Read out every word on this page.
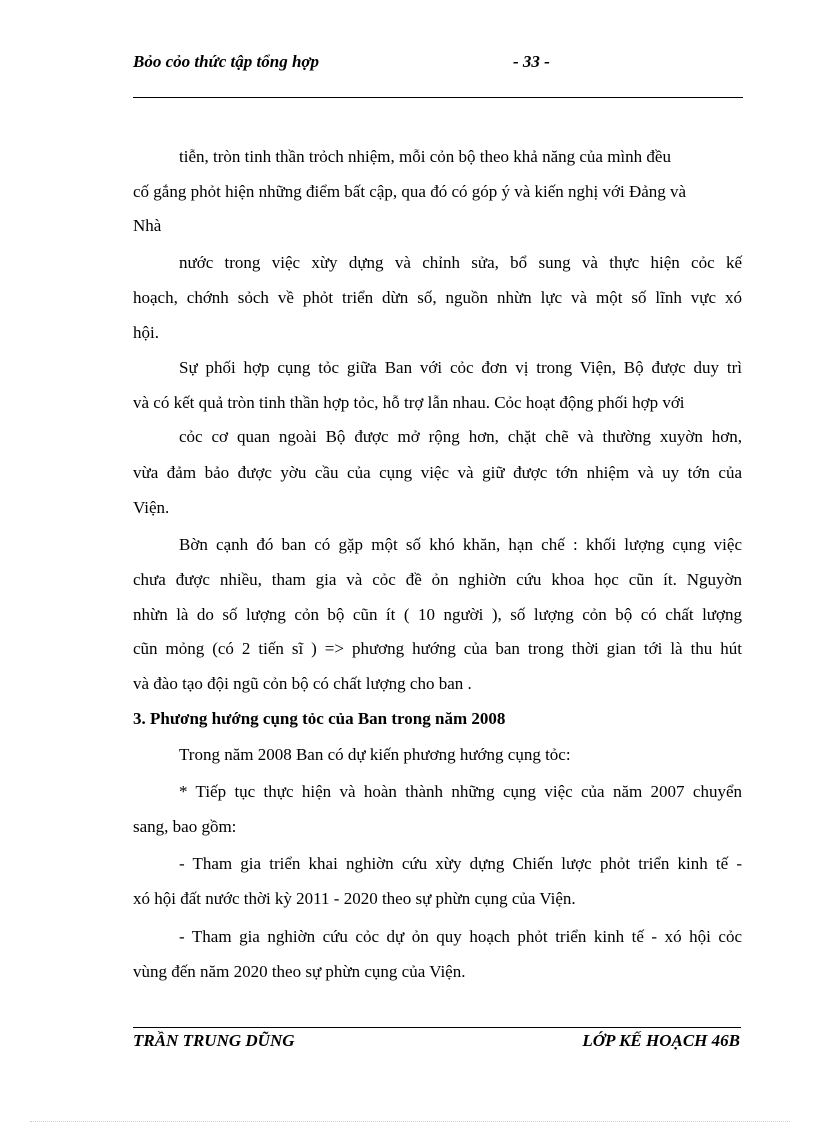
Bỏo cỏo thức tập tổng hợp	- 33 -
tiễn, tròn tinh thần trỏch nhiệm, mỗi cỏn bộ theo khả năng của mình đều
cố gắng phỏt hiện những điểm bất cập, qua đó có góp ý và kiến nghị với Đảng và
Nhà
nước trong việc xừy dựng và chỉnh sửa, bổ sung và thực hiện cỏc kế
hoạch, chớnh sỏch về phỏt triển dừn số, nguồn nhừn lực và một số lĩnh vực xó
hội.
Sự phối hợp cụng tỏc giữa Ban với cỏc đơn vị trong Viện, Bộ được duy trì
và có kết quả tròn tinh thần hợp tỏc, hỗ trợ lẫn nhau. Cỏc hoạt động phối hợp với
cỏc cơ quan ngoài Bộ được mở rộng hơn, chặt chẽ và thường xuyờn hơn,
vừa đảm bảo được yờu cầu của cụng việc và giữ được tớn nhiệm và uy tớn của
Viện.
Bờn cạnh đó ban có gặp một số khó khăn, hạn chế : khối lượng cụng việc
chưa được nhiều, tham gia và cỏc đề ỏn nghiờn cứu khoa học cũn ít. Nguyờn
nhừn là do số lượng cỏn bộ cũn ít ( 10 người ), số lượng cỏn bộ có chất lượng
cũn mỏng (có 2 tiến sĩ ) => phương hướng của ban trong thời gian tới là thu hút
và đào tạo đội ngũ cỏn bộ có chất lượng cho ban .
3. Phương hướng cụng tỏc của Ban trong năm 2008
Trong năm 2008 Ban có dự kiến phương hướng cụng tỏc:
* Tiếp tục thực hiện và hoàn thành những cụng việc của năm 2007 chuyển
sang, bao gồm:
- Tham gia triển khai nghiờn cứu xừy dựng Chiến lược phỏt triển kinh tế -
xó hội đất nước thời kỳ 2011 - 2020 theo sự phừn cụng của Viện.
- Tham gia nghiờn cứu cỏc dự ỏn quy hoạch phỏt triển kinh tế - xó hội cỏc
vùng đến năm 2020 theo sự phừn cụng của Viện.
TRẦN TRUNG DŨNG	LỚP KẾ HOẠCH 46B
